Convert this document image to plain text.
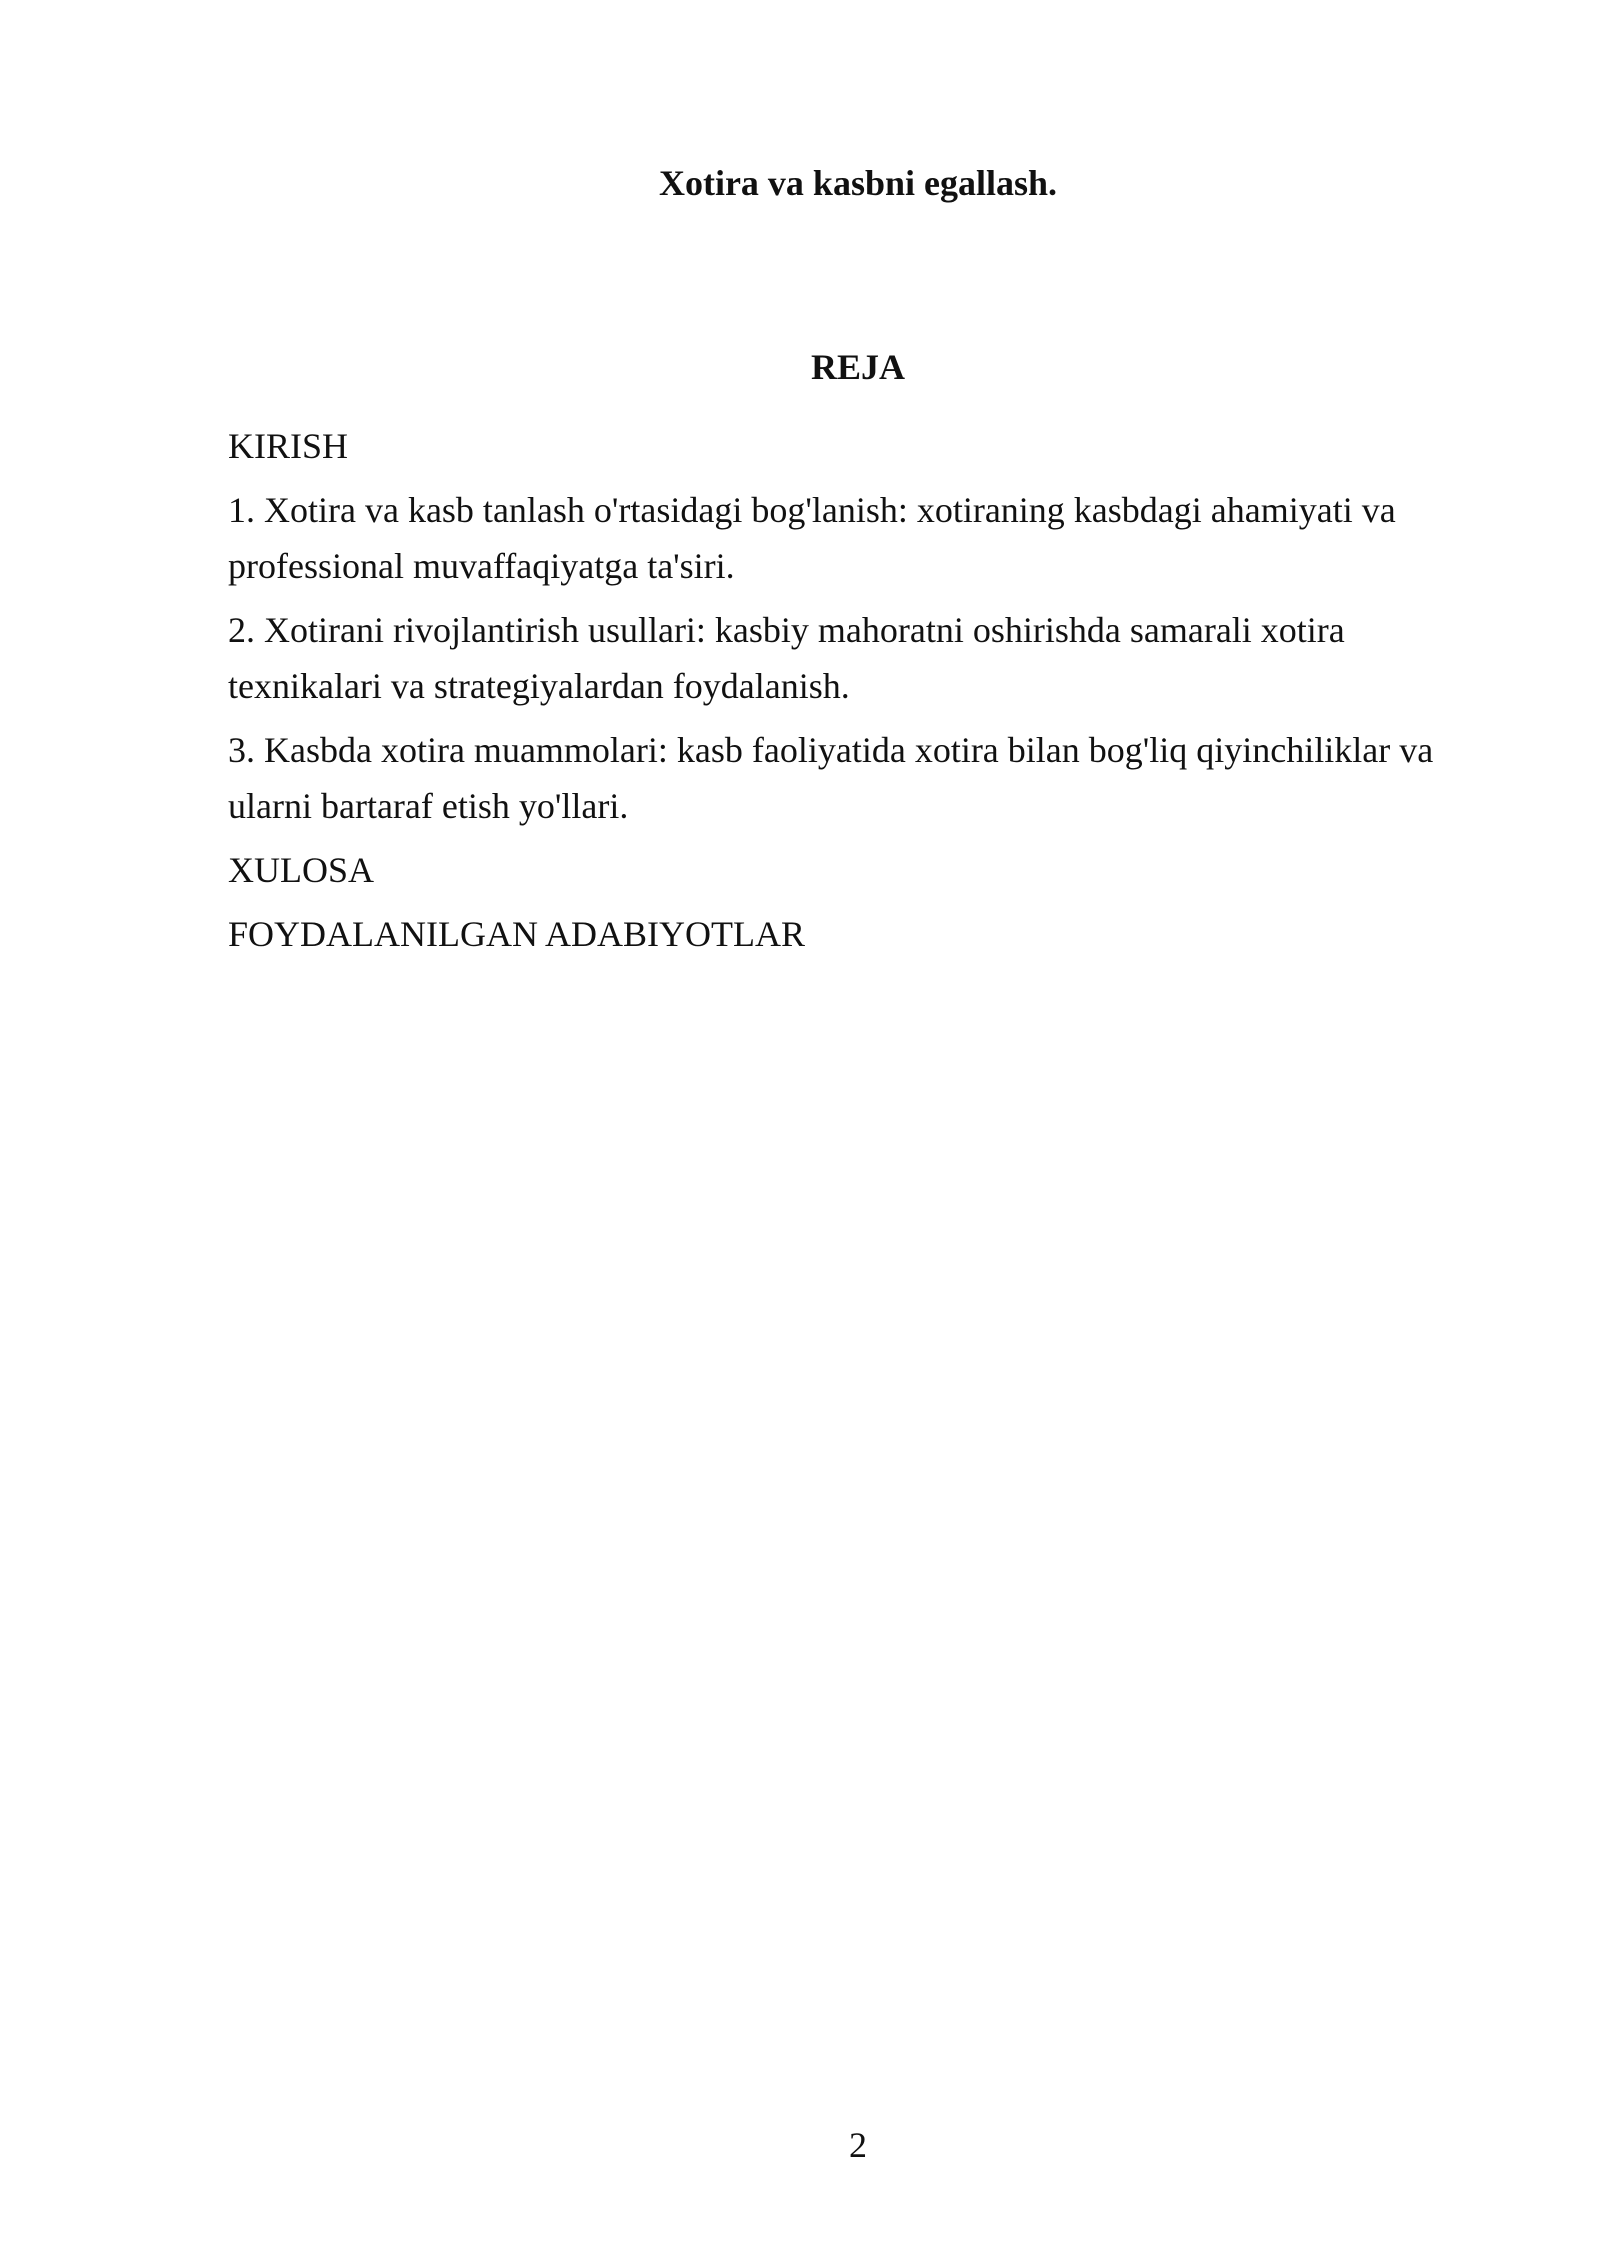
Xotira va kasbni egallash.
REJA
KIRISH
1. Xotira va kasb tanlash o'rtasidagi bog'lanish: xotiraning kasbdagi ahamiyati va professional muvaffaqiyatga ta'siri.
2. Xotirani rivojlantirish usullari: kasbiy mahoratni oshirishda samarali xotira texnikalari va strategiyalardan foydalanish.
3. Kasbda xotira muammolari: kasb faoliyatida xotira bilan bog'liq qiyinchiliklar va ularni bartaraf etish yo'llari.
XULOSA
FOYDALANILGAN ADABIYOTLAR
2
